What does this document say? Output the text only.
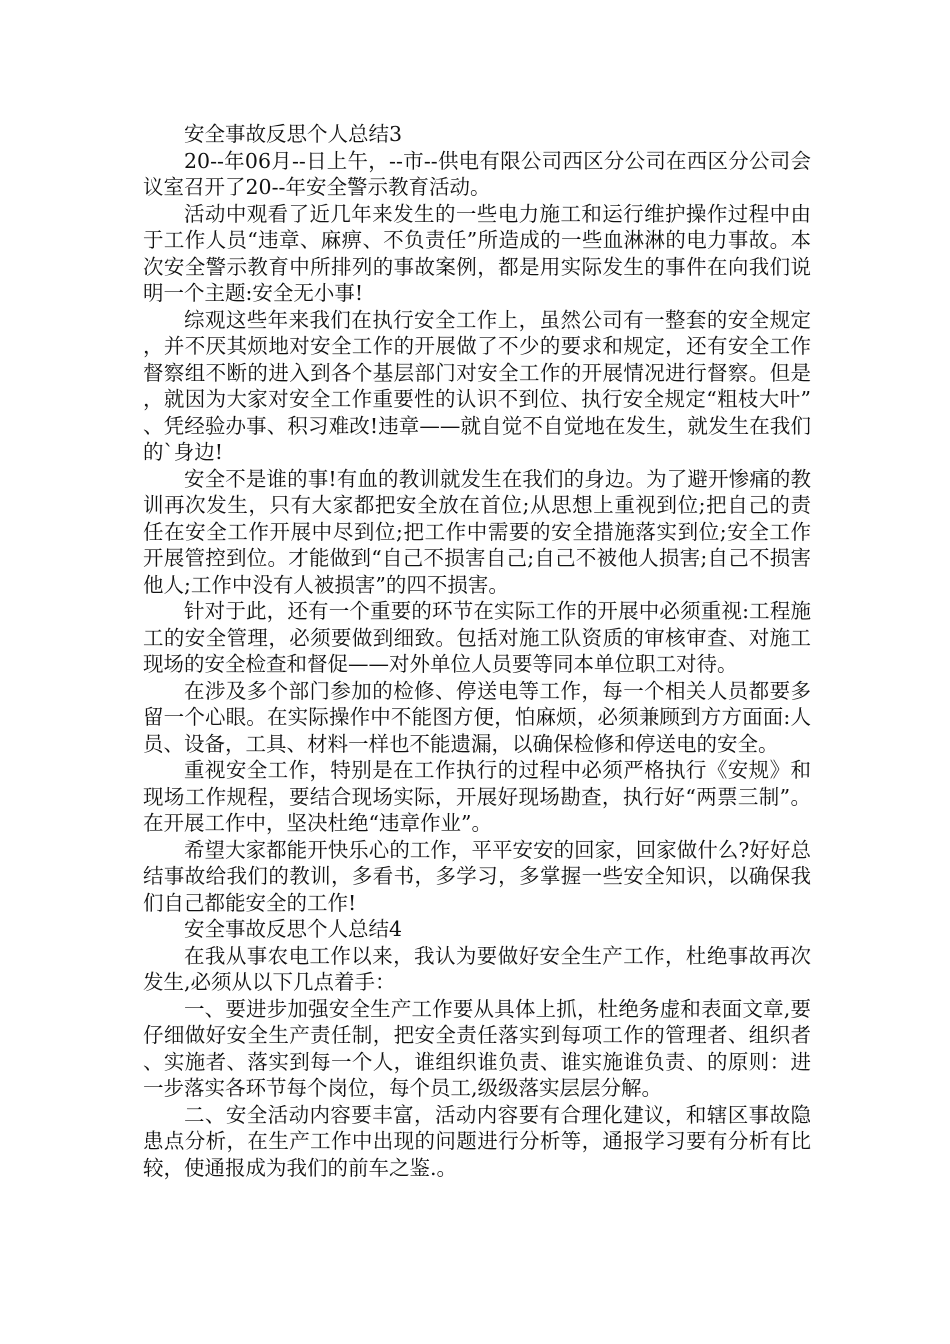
安全事故反思个人总结3

20--年06月--日上午，--市--供电有限公司西区分公司在西区分公司会议室召开了20--年安全警示教育活动。

活动中观看了近几年来发生的一些电力施工和运行维护操作过程中由于工作人员“违章、麻痹、不负责任”所造成的一些血淋淋的电力事故。本次安全警示教育中所排列的事故案例，都是用实际发生的事件在向我们说明一个主题:安全无小事!

综观这些年来我们在执行安全工作上，虽然公司有一整套的安全规定，并不厌其烦地对安全工作的开展做了不少的要求和规定，还有安全工作督察组不断的进入到各个基层部门对安全工作的开展情况进行督察。但是，就因为大家对安全工作重要性的认识不到位、执行安全规定“粗枝大叶”、凭经验办事、积习难改!违章——就自觉不自觉地在发生，就发生在我们的`身边!

安全不是谁的事!有血的教训就发生在我们的身边。为了避开惨痛的教训再次发生，只有大家都把安全放在首位;从思想上重视到位;把自己的责任在安全工作开展中尽到位;把工作中需要的安全措施落实到位;安全工作开展管控到位。才能做到“自己不损害自己;自己不被他人损害;自己不损害他人;工作中没有人被损害”的四不损害。

针对于此，还有一个重要的环节在实际工作的开展中必须重视:工程施工的安全管理，必须要做到细致。包括对施工队资质的审核审查、对施工现场的安全检查和督促——对外单位人员要等同本单位职工对待。

在涉及多个部门参加的检修、停送电等工作，每一个相关人员都要多留一个心眼。在实际操作中不能图方便，怕麻烦，必须兼顾到方方面面:人员、设备，工具、材料一样也不能遗漏，以确保检修和停送电的安全。

重视安全工作，特别是在工作执行的过程中必须严格执行《安规》和现场工作规程，要结合现场实际，开展好现场勘查，执行好“两票三制”。在开展工作中，坚决杜绝“违章作业”。

希望大家都能开快乐心的工作，平平安安的回家，回家做什么?好好总结事故给我们的教训，多看书，多学习，多掌握一些安全知识，以确保我们自己都能安全的工作!

安全事故反思个人总结4

在我从事农电工作以来，我认为要做好安全生产工作，杜绝事故再次发生,必须从以下几点着手：

一、要进步加强安全生产工作要从具体上抓，杜绝务虚和表面文章,要仔细做好安全生产责任制，把安全责任落实到每项工作的管理者、组织者、实施者、落实到每一个人，谁组织谁负责、谁实施谁负责、的原则：进一步落实各环节每个岗位，每个员工,级级落实层层分解。

二、安全活动内容要丰富，活动内容要有合理化建议，和辖区事故隐患点分析，在生产工作中出现的问题进行分析等，通报学习要有分析有比较，使通报成为我们的前车之鉴.。
